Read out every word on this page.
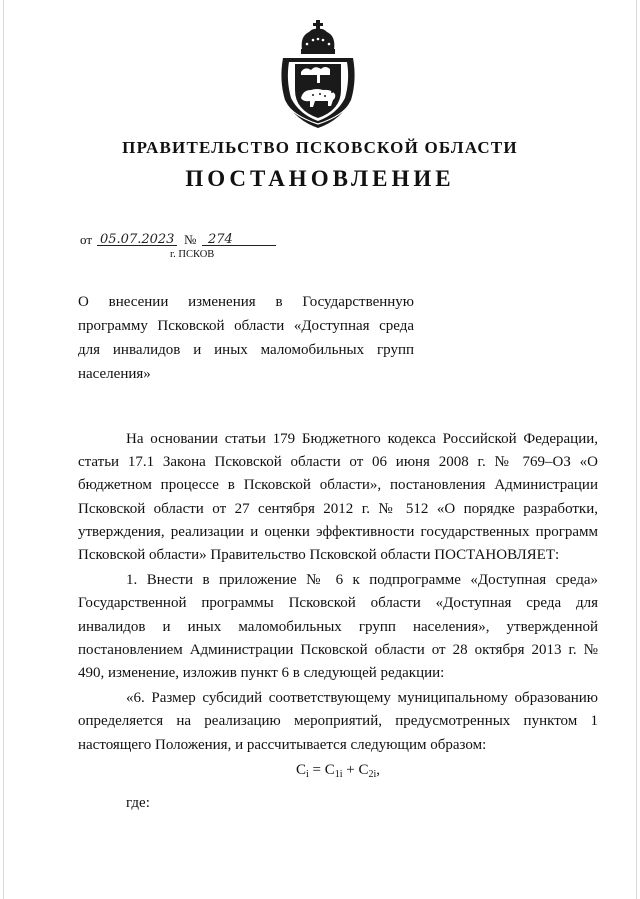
ПРАВИТЕЛЬСТВО ПСКОВСКОЙ ОБЛАСТИ
ПОСТАНОВЛЕНИЕ
от 05.07.2023 № 274
г. ПСКОВ
О внесении изменения в Государственную программу Псковской области «Доступная среда для инвалидов и иных маломобильных групп населения»

На основании статьи 179 Бюджетного кодекса Российской Федерации, статьи 17.1 Закона Псковской области от 06 июня 2008 г. № 769–ОЗ «О бюджетном процессе в Псковской области», постановления Администрации Псковской области от 27 сентября 2012 г. № 512 «О порядке разработки, утверждения, реализации и оценки эффективности государственных программ Псковской области» Правительство Псковской области ПОСТАНОВЛЯЕТ:

1. Внести в приложение № 6 к подпрограмме «Доступная среда» Государственной программы Псковской области «Доступная среда для инвалидов и иных маломобильных групп населения», утвержденной постановлением Администрации Псковской области от 28 октября 2013 г. № 490, изменение, изложив пункт 6 в следующей редакции:

«6. Размер субсидий соответствующему муниципальному образованию определяется на реализацию мероприятий, предусмотренных пунктом 1 настоящего Положения, и рассчитывается следующим образом:

$C_i = C_{1i} + C_{2i}$,

где:
